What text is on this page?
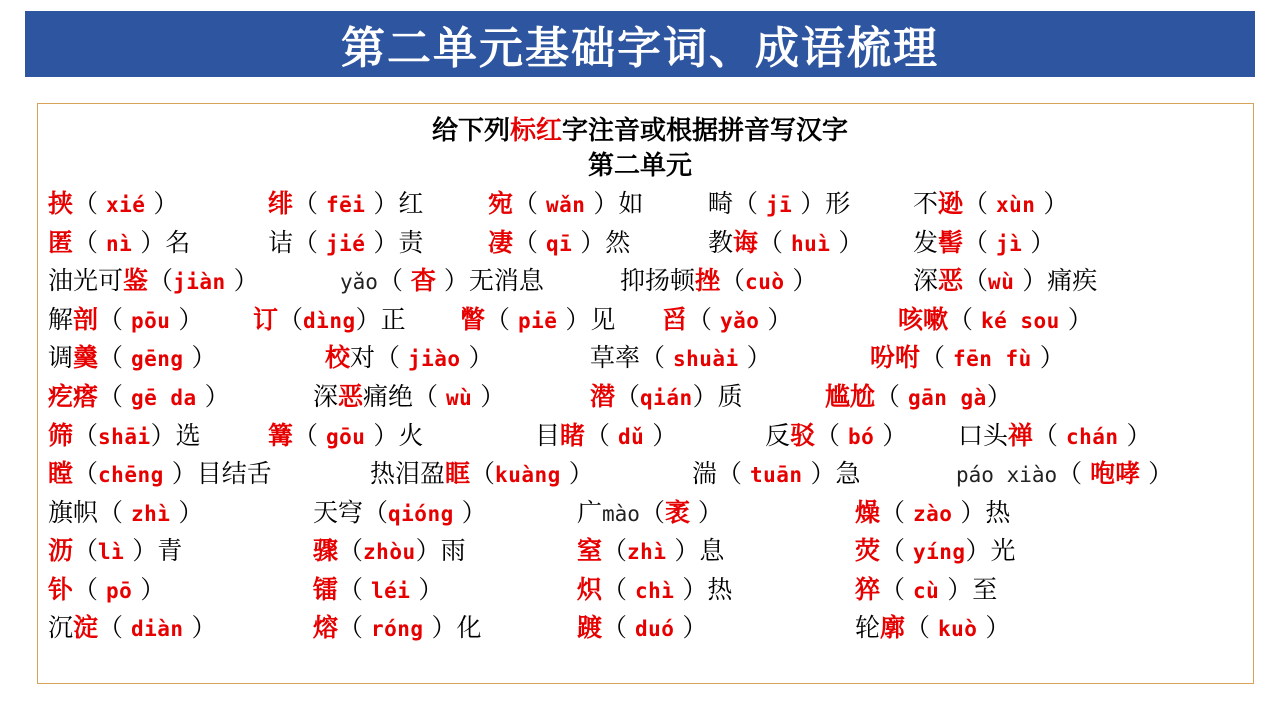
第二单元基础字词、成语梳理
给下列标红字注音或根据拼音写汉字
第二单元
挟（ xié ）	绯（ fēi ）红	宛（ wǎn ）如	畸（ jī ）形	不逊（ xùn ）
匿（ nì ）名	诘（ jié ）责	凄（ qī ）然	教诲（ huì ） 发髻（ jì ）
油光可鉴（jiàn ）	yǎo（ 杳 ）无消息	抑扬顿挫（cuò ）	深恶（wù ）痛疾
解剖（ pōu ） 订（dìng）正 瞥（ piē ）见 舀（ yǎo ）	咳嗽（ ké sou ）
调羹（ gēng ）	校对（ jiào ）	草率（ shuài ）	吩咐（ fēn fù ）
疙瘩（ gē da ）	深恶痛绝（ wù ）	潜（qián）质	尴尬（ gān gà）
筛（shāi）选	篝（ gōu ）火	目睹（ dǔ ）	反驳（ bó ） 口头禅（ chán ）
瞠（chēng ）目结舌	热泪盈眶（kuàng ）	湍（ tuān ）急	páo xiào（ 咆哮 ）
旗帜（ zhì ）	天穹（qióng ）	广mào（袤 ）	燥（ zào ）热
沥（lì ）青	骤（zhòu）雨	窒（zhì ）息	荧（ yíng）光
钋（ pō ）	镭（ léi ）	炽（ chì ）热	猝（ cù ）至
沉淀（ diàn ）	熔（ róng ）化	踱（ duó ）	轮廓（ kuò ）
